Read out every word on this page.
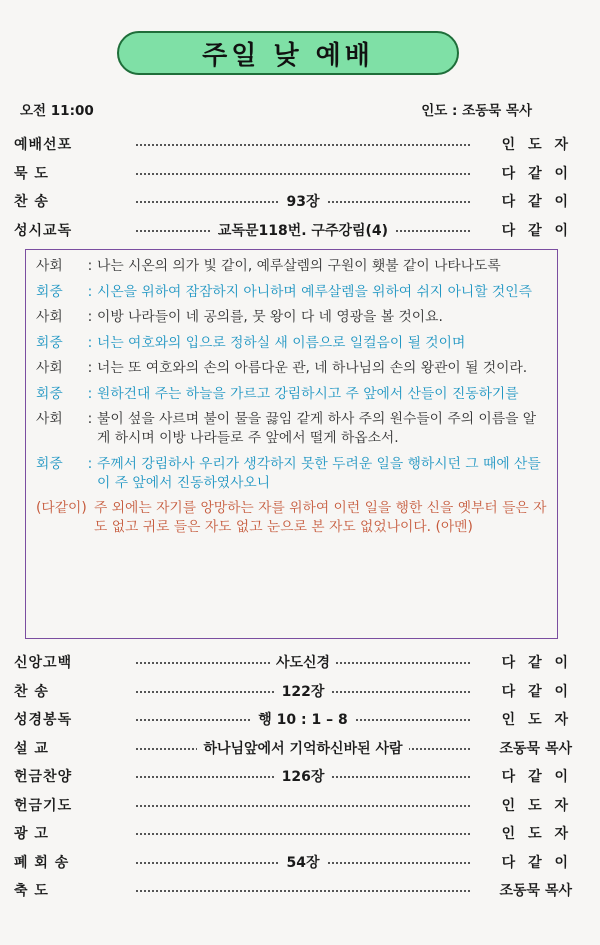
주일 낮 예배
오전 11:00	인도 : 조동묵 목사
예배선포	인 도 자
묵 도	다 같 이
찬 송	93장	다 같 이
성시교독	교독문118번. 구주강림(4)	다 같 이
사회	: 나는 시온의 의가 빛 같이, 예루살렘의 구원이 횃불 같이 나타나도록
회중	: 시온을 위하여 잠잠하지 아니하며 예루살렘을 위하여 쉬지 아니할 것인즉
사회	: 이방 나라들이 네 공의를, 뭇 왕이 다 네 영광을 볼 것이요.
회중	: 너는 여호와의 입으로 정하실 새 이름으로 일컬음이 될 것이며
사회	: 너는 또 여호와의 손의 아름다운 관, 네 하나님의 손의 왕관이 될 것이라.
회중	: 원하건대 주는 하늘을 가르고 강림하시고 주 앞에서 산들이 진동하기를
사회	: 불이 섶을 사르며 불이 물을 끓임 같게 하사 주의 원수들이 주의 이름을 알게 하시며 이방 나라들로 주 앞에서 떨게 하옵소서.
회중	: 주께서 강림하사 우리가 생각하지 못한 두려운 일을 행하시던 그 때에 산들이 주 앞에서 진동하였사오니
(다같이) 주 외에는 자기를 앙망하는 자를 위하여 이런 일을 행한 신을 옛부터 들은 자도 없고 귀로 들은 자도 없고 눈으로 본 자도 없었나이다. (아멘)
신앙고백	사도신경	다 같 이
찬 송	122장	다 같 이
성경봉독	행 10 : 1 – 8	인 도 자
설 교	하나님앞에서 기억하신바된 사람	조동묵 목사
헌금찬양	126장	다 같 이
헌금기도	인 도 자
광 고	인 도 자
폐 회 송	54장	다 같 이
축 도	조동묵 목사
